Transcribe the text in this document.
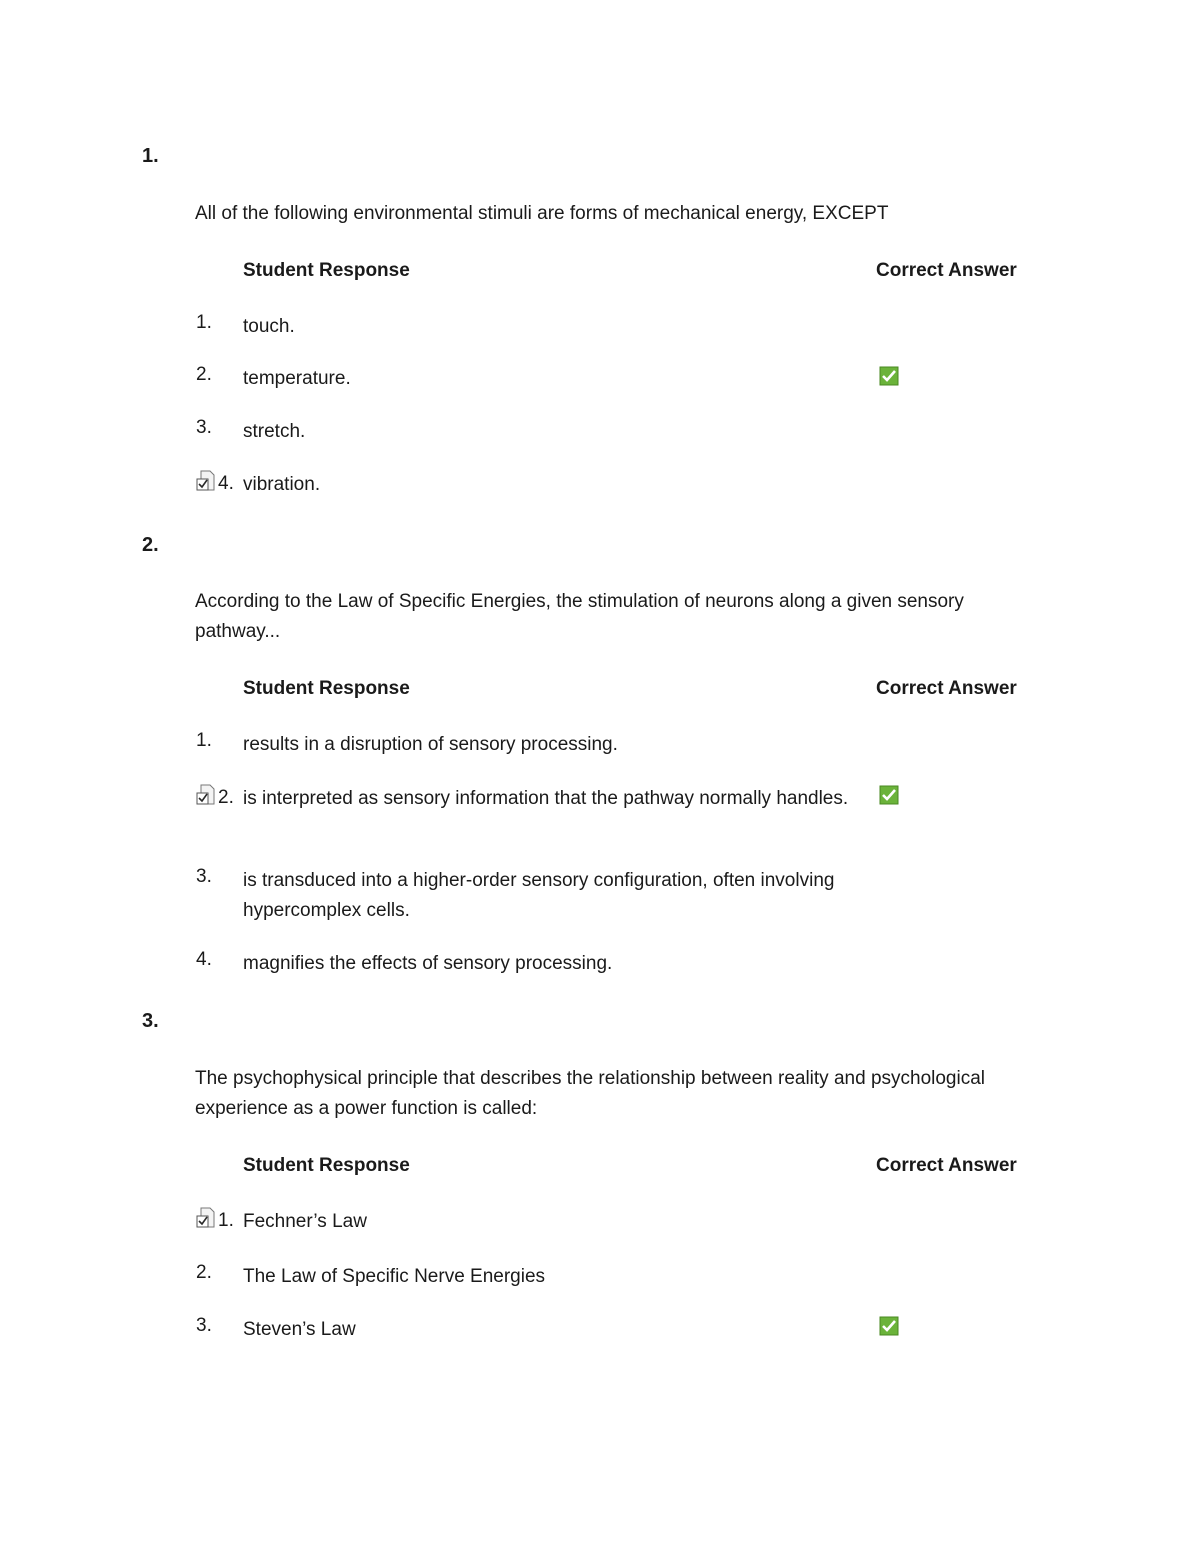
1.
All of the following environmental stimuli are forms of mechanical energy, EXCEPT
Student Response	Correct Answer
1.	touch.
2.	temperature.
3.	stretch.
4. vibration.
2.
According to the Law of Specific Energies, the stimulation of neurons along a given sensory pathway...
Student Response	Correct Answer
1.	results in a disruption of sensory processing.
2. is interpreted as sensory information that the pathway normally handles.
3.	is transduced into a higher-order sensory configuration, often involving hypercomplex cells.
4.	magnifies the effects of sensory processing.
3.
The psychophysical principle that describes the relationship between reality and psychological experience as a power function is called:
Student Response	Correct Answer
1. Fechner’s Law
2.	The Law of Specific Nerve Energies
3.	Steven’s Law
